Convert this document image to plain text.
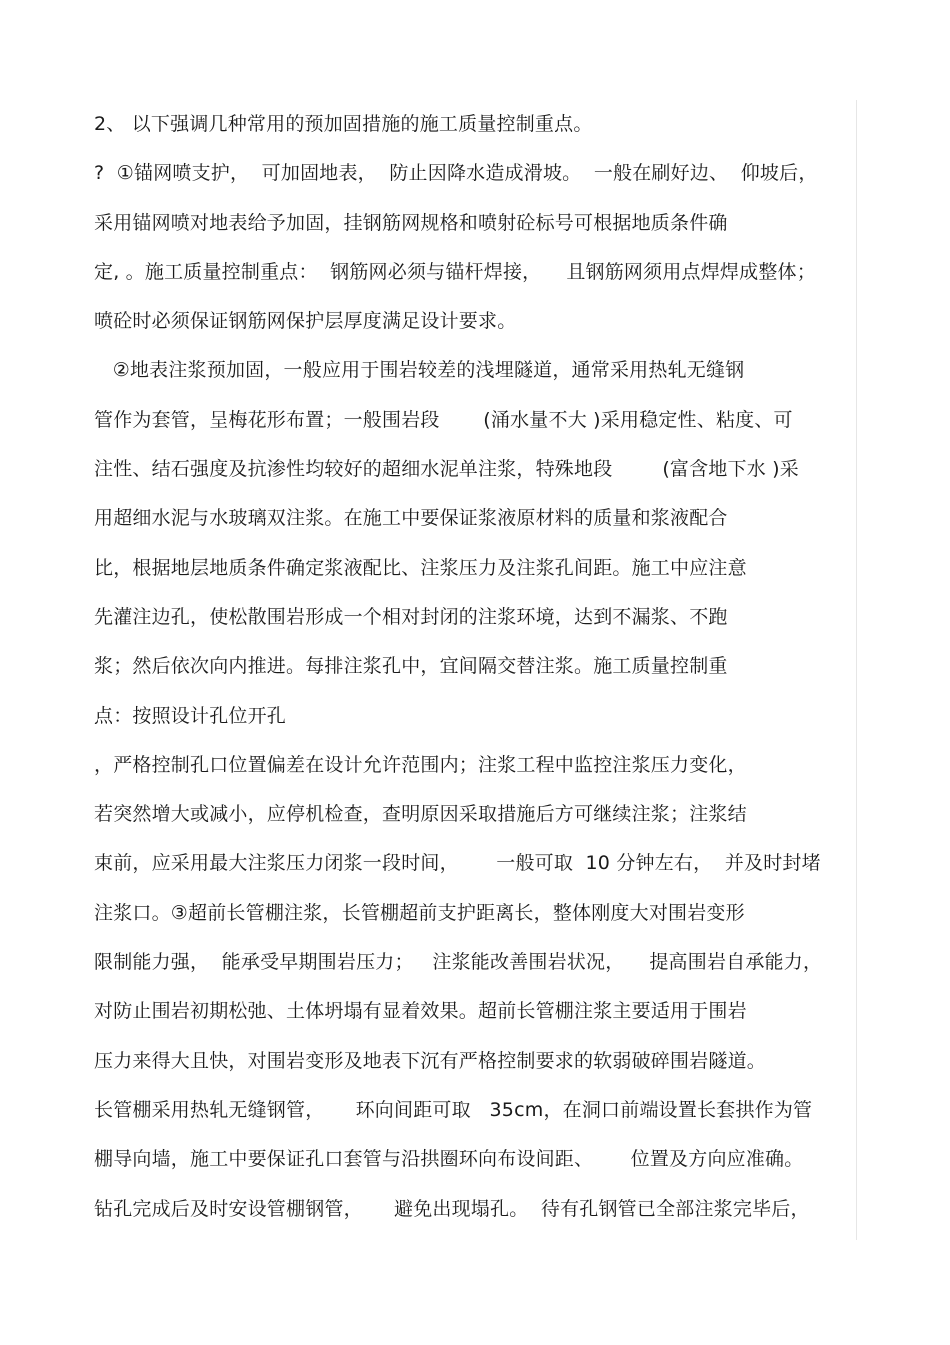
2、 以下强调几种常用的预加固措施的施工质量控制重点。
?  ①锚网喷支护，  可加固地表，  防止因降水造成滑坡。  一般在刷好边、  仰坡后，
采用锚网喷对地表给予加固，挂钢筋网规格和喷射砼标号可根据地质条件确
定, 。施工质量控制重点：  钢筋网必须与锚杆焊接，    且钢筋网须用点焊焊成整体；
喷砼时必须保证钢筋网保护层厚度满足设计要求。
②地表注浆预加固，一般应用于围岩较差的浅埋隧道，通常采用热轧无缝钢
管作为套管，呈梅花形布置；一般围岩段       (涌水量不大 )采用稳定性、粘度、可
注性、结石强度及抗渗性均较好的超细水泥单注浆，特殊地段        (富含地下水 )采
用超细水泥与水玻璃双注浆。在施工中要保证浆液原材料的质量和浆液配合
比，根据地层地质条件确定浆液配比、注浆压力及注浆孔间距。施工中应注意
先灌注边孔，使松散围岩形成一个相对封闭的注浆环境，达到不漏浆、不跑
浆；然后依次向内推进。每排注浆孔中，宜间隔交替注浆。施工质量控制重
点：按照设计孔位开孔
，严格控制孔口位置偏差在设计允许范围内；注浆工程中监控注浆压力变化，
若突然增大或减小，应停机检查，查明原因采取措施后方可继续注浆；注浆结
束前，应采用最大注浆压力闭浆一段时间，      一般可取  10 分钟左右，  并及时封堵
注浆口。③超前长管棚注浆，长管棚超前支护距离长，整体刚度大对围岩变形
限制能力强，  能承受早期围岩压力；   注浆能改善围岩状况，    提高围岩自承能力，
对防止围岩初期松弛、土体坍塌有显着效果。超前长管棚注浆主要适用于围岩
压力来得大且快，对围岩变形及地表下沉有严格控制要求的软弱破碎围岩隧道。
长管棚采用热轧无缝钢管，     环向间距可取   35cm，在洞口前端设置长套拱作为管
棚导向墙，施工中要保证孔口套管与沿拱圈环向布设间距、      位置及方向应准确。
钻孔完成后及时安设管棚钢管，     避免出现塌孔。  待有孔钢管已全部注浆完毕后，
